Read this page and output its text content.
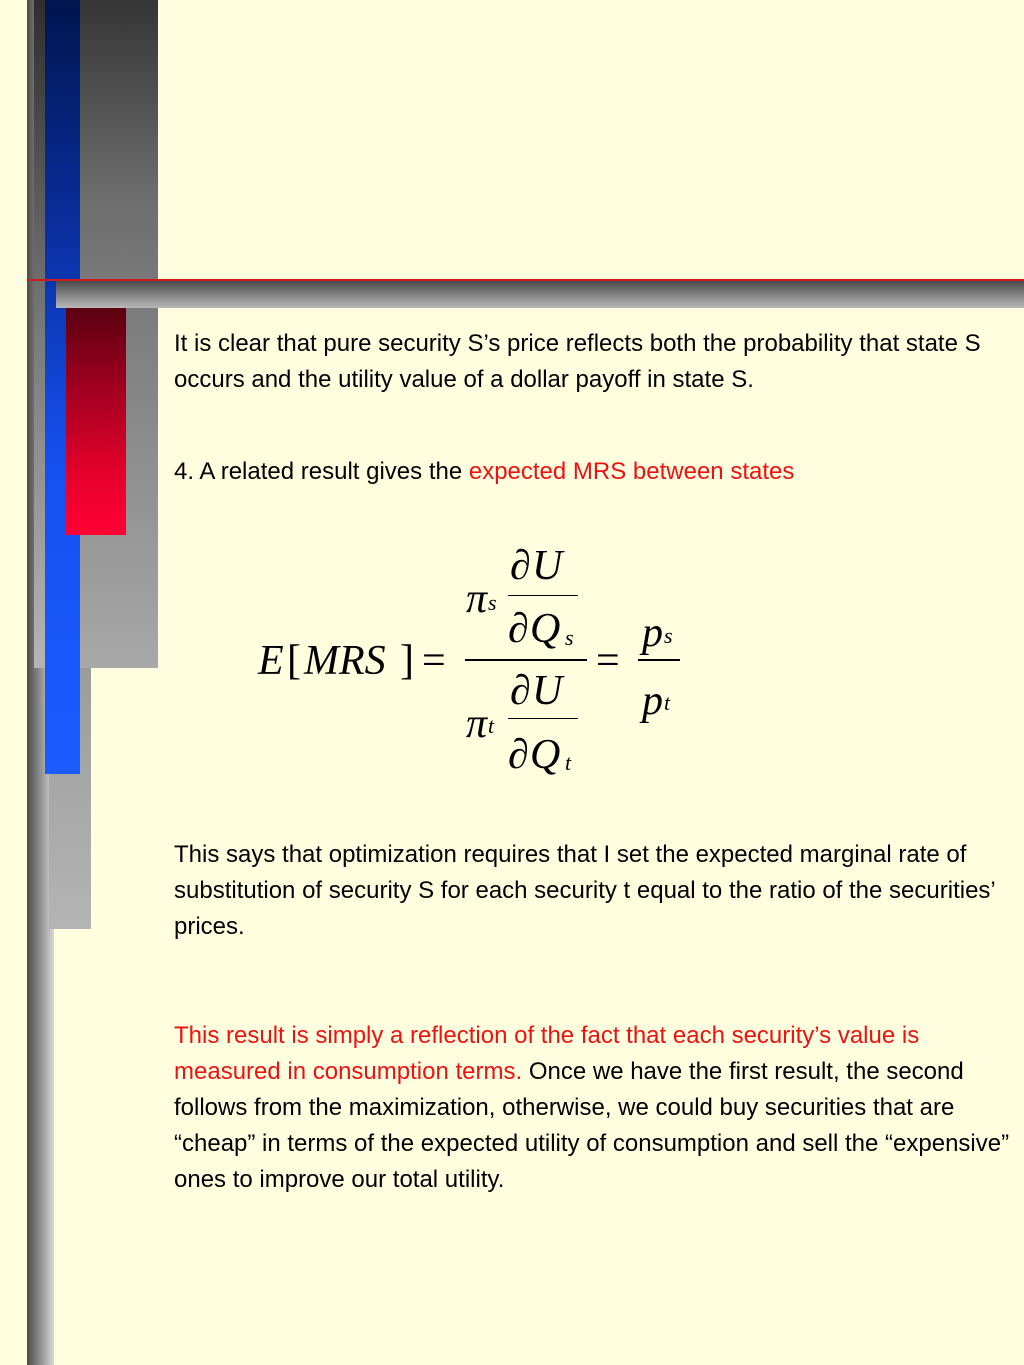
It is clear that pure security S’s price reflects both the probability that state S occurs and the utility value of a dollar payoff in state S.

4. A related result gives the expected MRS between states

E [ MRS ] =
π s
∂ U
∂ Q s
π t
∂ U
∂ Q t
=
p s
p t

This says that optimization requires that I set the expected marginal rate of substitution of security S for each security t equal to the ratio of the securities’ prices.

This result is simply a reflection of the fact that each security’s value is measured in consumption terms. Once we have the first result, the second follows from the maximization, otherwise, we could buy securities that are “cheap” in terms of the expected utility of consumption and sell the “expensive” ones to improve our total utility.
